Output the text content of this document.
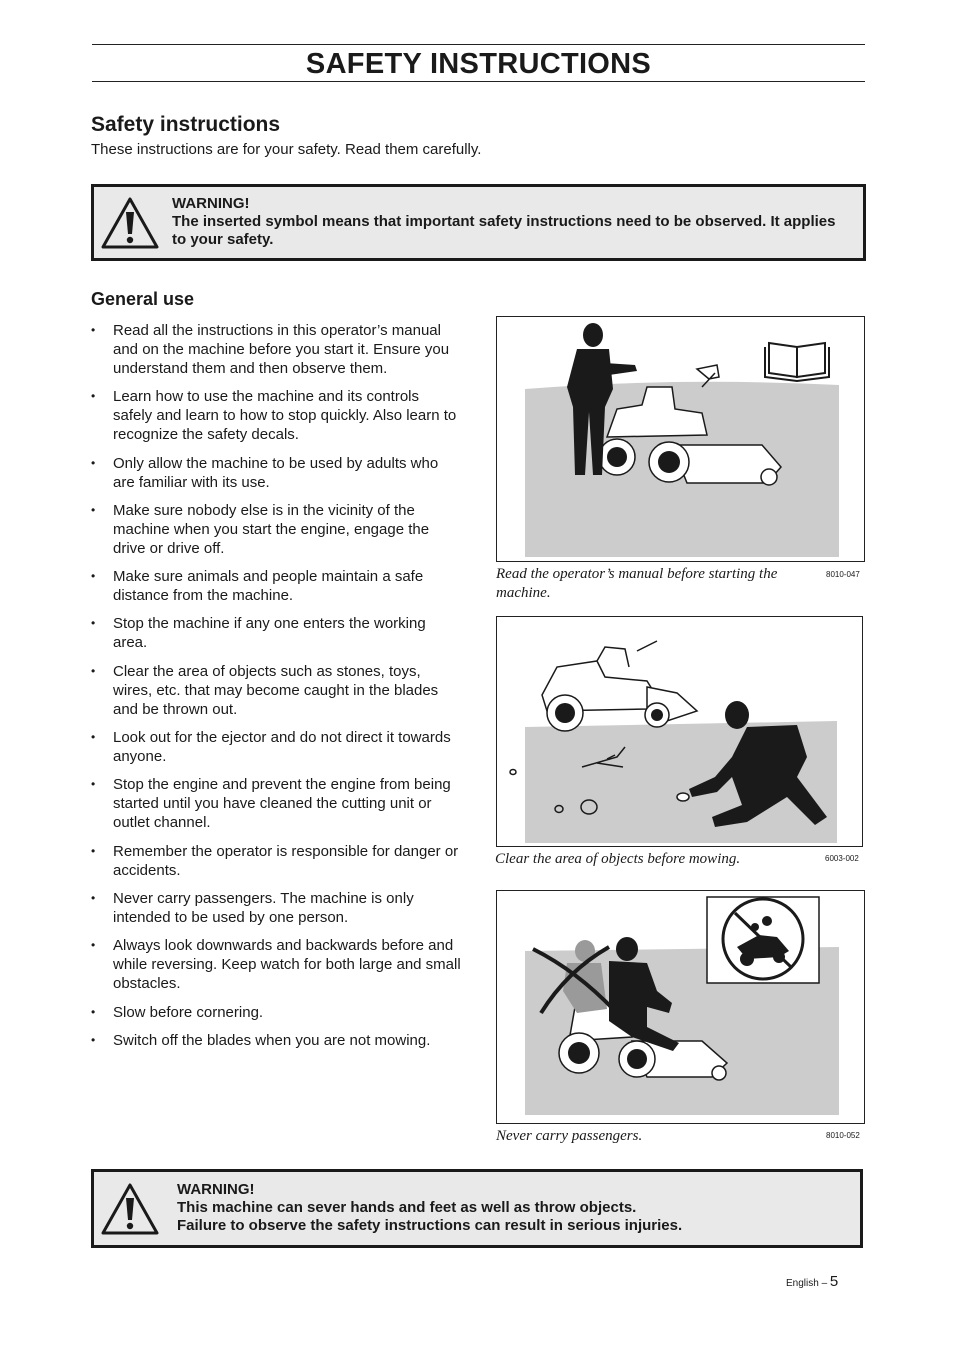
SAFETY INSTRUCTIONS
Safety instructions
These instructions are for your safety. Read them carefully.
WARNING!
The inserted symbol means that important safety instructions need to be observed. It applies to your safety.
General use
• Read all the instructions in this operator’s manual and on the machine before you start it. Ensure you understand them and then observe them.
• Learn how to use the machine and its controls safely and learn to how to stop quickly. Also learn to recognize the safety decals.
• Only allow the machine to be used by adults who are familiar with its use.
• Make sure nobody else is in the vicinity of the machine when you start the engine, engage the drive or drive off.
• Make sure animals and people maintain a safe distance from the machine.
• Stop the machine if any one enters the working area.
• Clear the area of objects such as stones, toys, wires, etc. that may become caught in the blades and be thrown out.
• Look out for the ejector and do not direct it towards anyone.
• Stop the engine and prevent the engine from being started until you have cleaned the cutting unit or outlet channel.
• Remember the operator is responsible for danger or accidents.
• Never carry passengers. The machine is only intended to be used by one person.
• Always look downwards and backwards before and while reversing. Keep watch for both large and small obstacles.
• Slow before cornering.
• Switch off the blades when you are not mowing.
Read the operator’s manual before starting the machine.
8010-047
Clear the area of objects before mowing.	6003-002
Never carry passengers.	8010-052
WARNING!
This machine can sever hands and feet as well as throw objects.
Failure to observe the safety instructions can result in serious injuries.
English – 5
